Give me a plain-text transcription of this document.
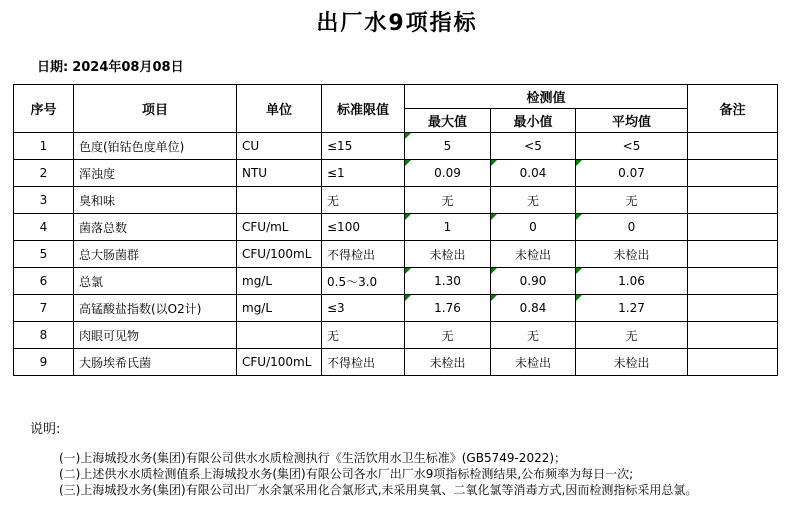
出厂水9项指标
日期: 2024年08月08日
序号	项目	单位	标准限值	检测值			备注
				最大值	最小值	平均值	
1	色度(铂钴色度单位)	CU	≤15	5	<5	<5	
2	浑浊度	NTU	≤1	0.09	0.04	0.07	
3	臭和味		无	无	无	无	
4	菌落总数	CFU/mL	≤100	1	0	0	
5	总大肠菌群	CFU/100mL	不得检出	未检出	未检出	未检出	
6	总氯	mg/L	0.5～3.0	1.30	0.90	1.06	
7	高锰酸盐指数(以O2计)	mg/L	≤3	1.76	0.84	1.27	
8	肉眼可见物		无	无	无	无	
9	大肠埃希氏菌	CFU/100mL	不得检出	未检出	未检出	未检出	
说明:
(一)上海城投水务(集团)有限公司供水水质检测执行《生活饮用水卫生标准》(GB5749-2022)；
(二)上述供水水质检测值系上海城投水务(集团)有限公司各水厂出厂水9项指标检测结果,公布频率为每日一次;
(三)上海城投水务(集团)有限公司出厂水余氯采用化合氯形式,未采用臭氧、二氧化氯等消毒方式,因而检测指标采用总氯。
